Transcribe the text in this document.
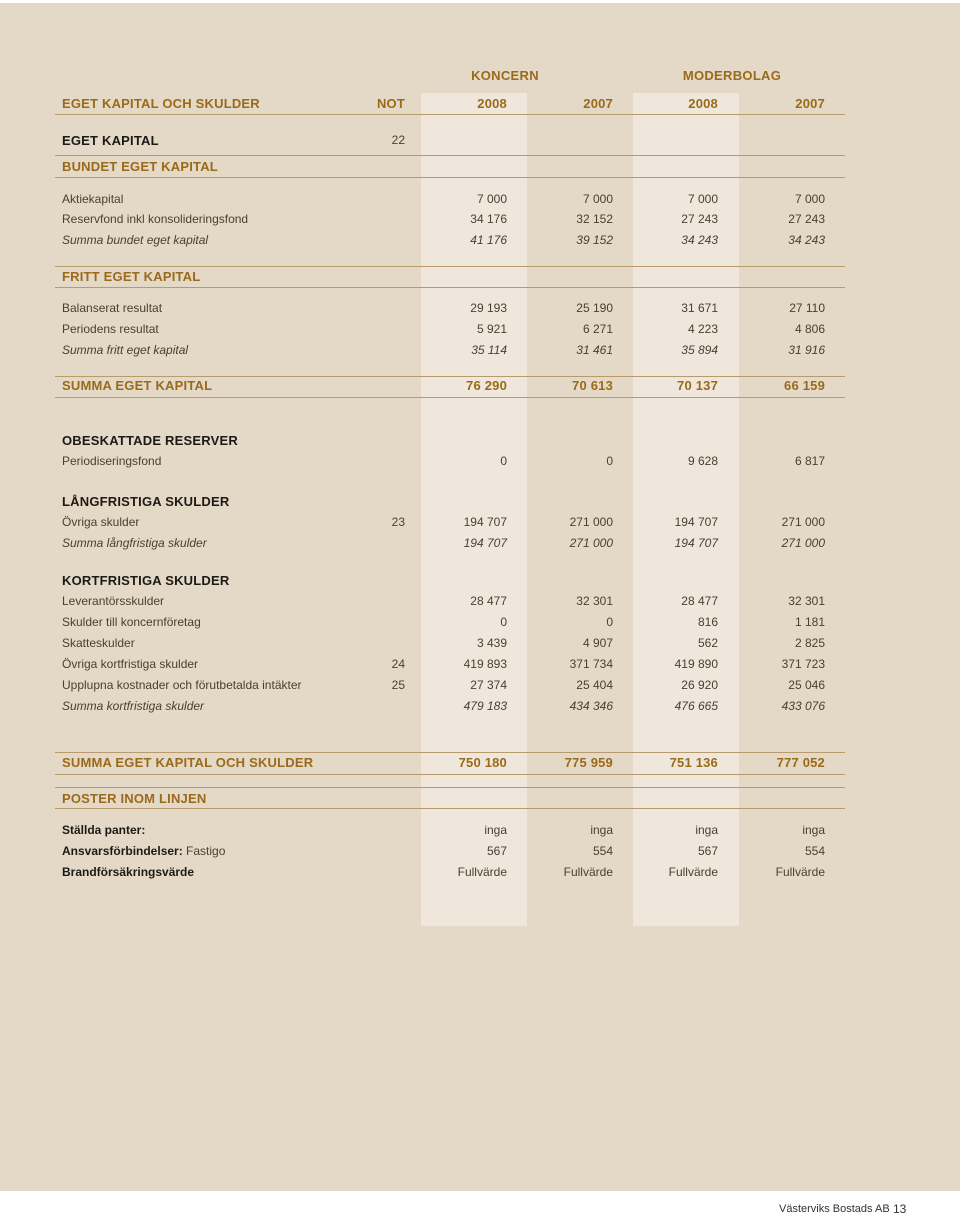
KONCERN	MODERBOLAG
EGET KAPITAL OCH SKULDER	NOT	2008	2007	2008	2007
EGET KAPITAL	22
BUNDET EGET KAPITAL
Aktiekapital	7 000	7 000	7 000	7 000
Reservfond inkl konsolideringsfond	34 176	32 152	27 243	27 243
Summa bundet eget kapital	41 176	39 152	34 243	34 243
FRITT EGET KAPITAL
Balanserat resultat	29 193	25 190	31 671	27 110
Periodens resultat	5 921	6 271	4 223	4 806
Summa fritt eget kapital	35 114	31 461	35 894	31 916
SUMMA EGET KAPITAL	76 290	70 613	70 137	66 159
OBESKATTADE RESERVER
Periodiseringsfond	0	0	9 628	6 817
LÅNGFRISTIGA SKULDER
Övriga skulder	23	194 707	271 000	194 707	271 000
Summa långfristiga skulder	194 707	271 000	194 707	271 000
KORTFRISTIGA SKULDER
Leverantörsskulder	28 477	32 301	28 477	32 301
Skulder till koncernföretag	0	0	816	1 181
Skatteskulder	3 439	4 907	562	2 825
Övriga kortfristiga skulder	24	419 893	371 734	419 890	371 723
Upplupna kostnader och förutbetalda intäkter	25	27 374	25 404	26 920	25 046
Summa kortfristiga skulder	479 183	434 346	476 665	433 076
SUMMA EGET KAPITAL OCH SKULDER	750 180	775 959	751 136	777 052
POSTER INOM LINJEN
Ställda panter:	inga	inga	inga	inga
Ansvarsförbindelser: Fastigo	567	554	567	554
Brandförsäkringsvärde	Fullvärde	Fullvärde	Fullvärde	Fullvärde
Västerviks Bostads AB 13
